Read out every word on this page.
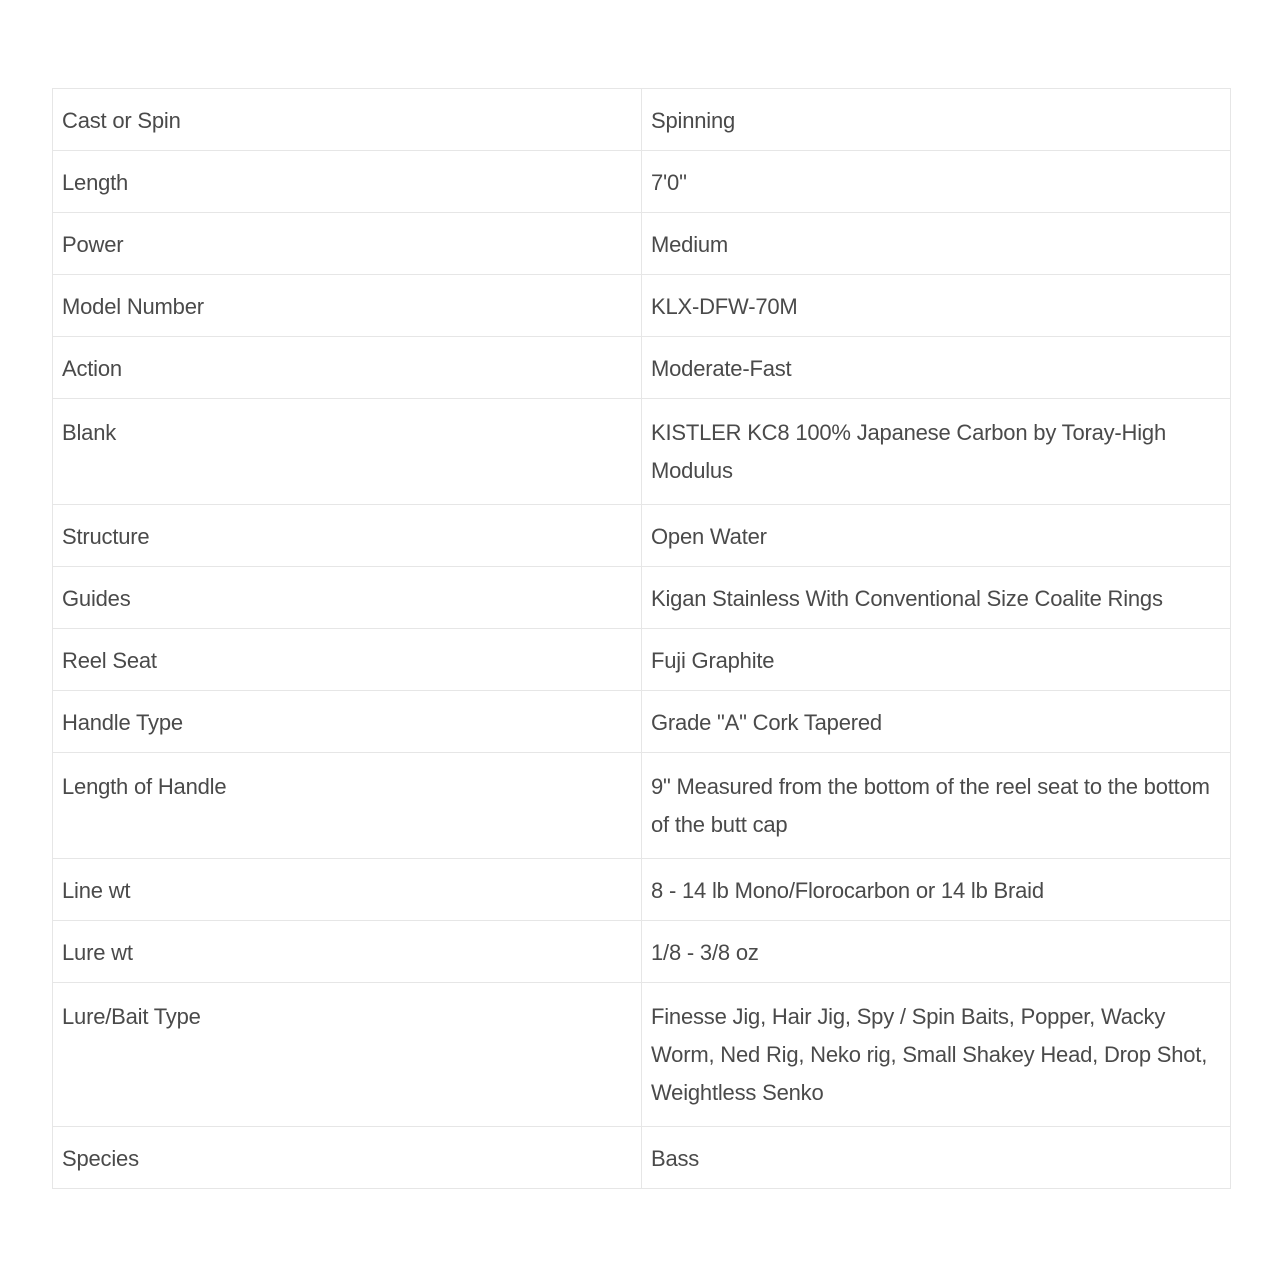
Cast or Spin	Spinning
Length	7'0"
Power	Medium
Model Number	KLX-DFW-70M
Action	Moderate-Fast
Blank	KISTLER KC8 100% Japanese Carbon by Toray-High Modulus
Structure	Open Water
Guides	Kigan Stainless With Conventional Size Coalite Rings
Reel Seat	Fuji Graphite
Handle Type	Grade "A" Cork Tapered
Length of Handle	9" Measured from the bottom of the reel seat to the bottom of the butt cap
Line wt	8 - 14 lb Mono/Florocarbon or 14 lb Braid
Lure wt	1/8 - 3/8 oz
Lure/Bait Type	Finesse Jig, Hair Jig, Spy / Spin Baits, Popper, Wacky Worm, Ned Rig, Neko rig, Small Shakey Head, Drop Shot, Weightless Senko
Species	Bass
